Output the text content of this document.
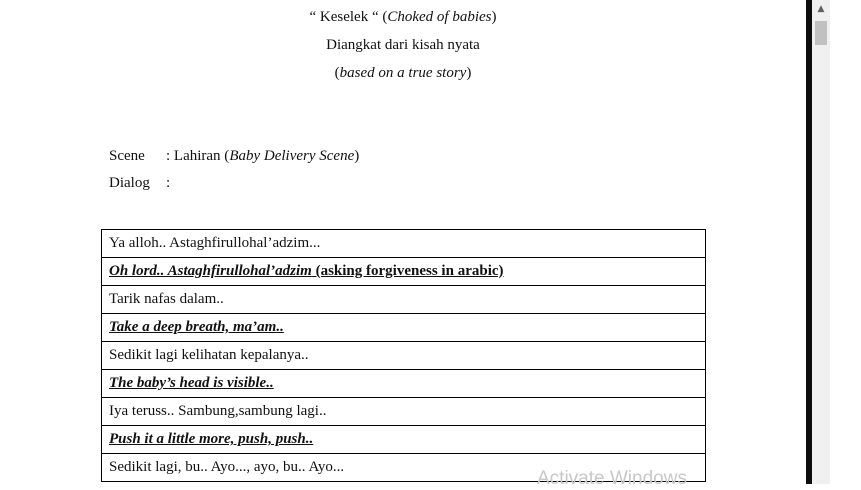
“ Keselek “ (Choked of babies)
Diangkat dari kisah nyata
(based on a true story)
Scene : Lahiran (Baby Delivery Scene)
Dialog :
Ya alloh.. Astaghfirullohal’adzim...
Oh lord.. Astaghfirullohal’adzim (asking forgiveness in arabic)
Tarik nafas dalam..
Take a deep breath, ma’am..
Sedikit lagi kelihatan kepalanya..
The baby’s head is visible..
Iya teruss.. Sambung,sambung lagi..
Push it a little more, push, push..
Sedikit lagi, bu.. Ayo..., ayo, bu.. Ayo...
Activate Windows
▲
